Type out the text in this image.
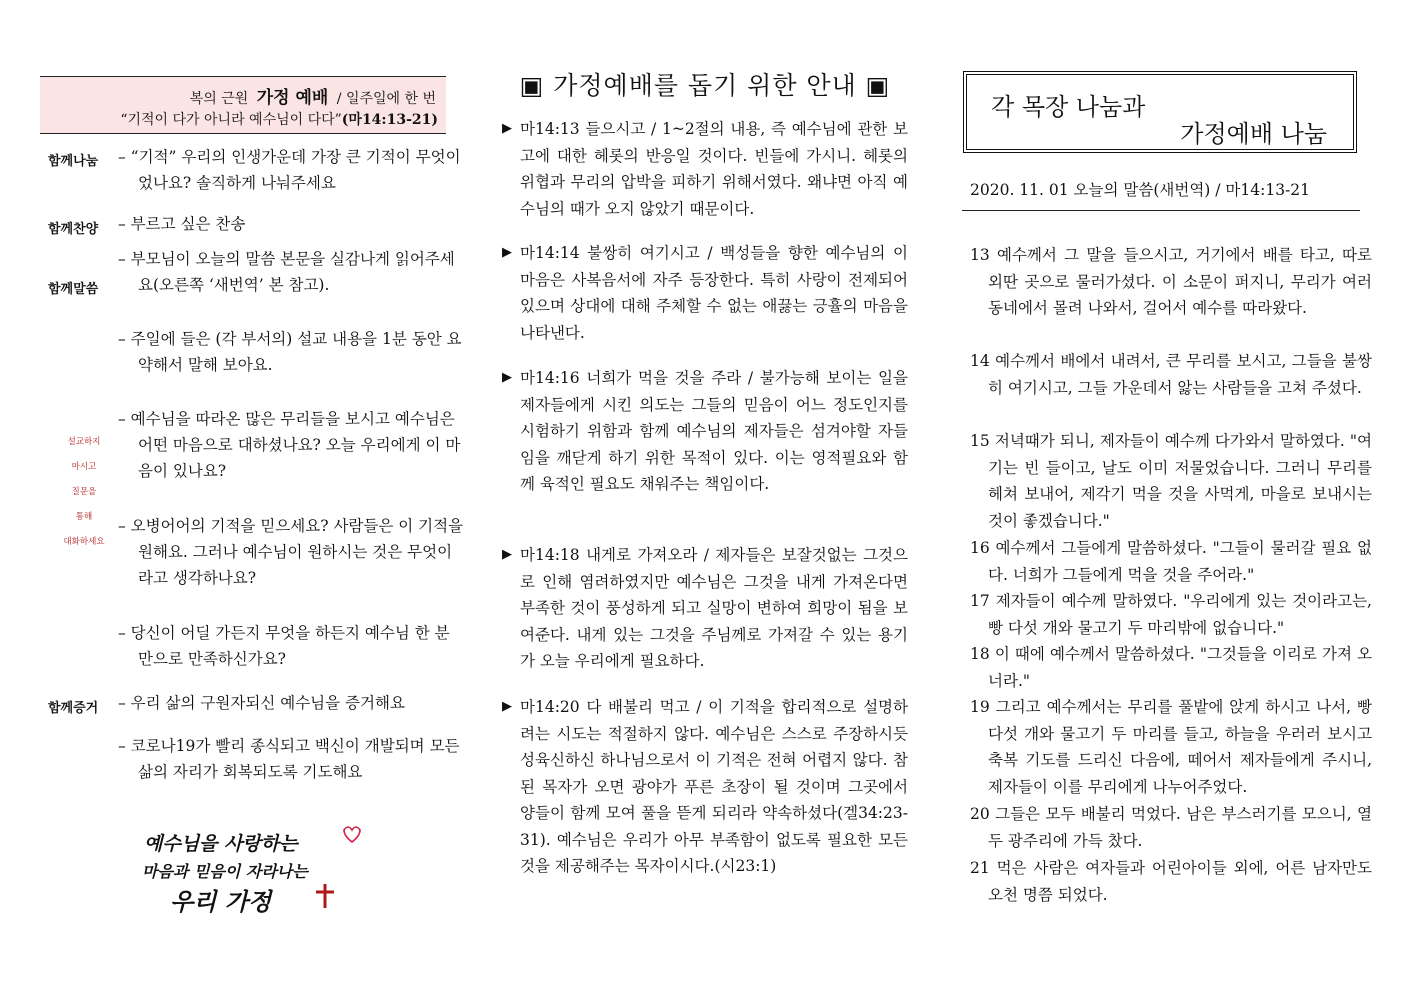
복의 근원 가정 예배 / 일주일에 한 번
“기적이 다가 아니라 예수님이 다다”(마14:13-21)
함께나눔 – “기적” 우리의 인생가운데 가장 큰 기적이 무엇이었나요? 솔직하게 나눠주세요
함께찬양 – 부르고 싶은 찬송
함께말씀
– 부모님이 오늘의 말씀 본문을 실감나게 읽어주세요(오른쪽 ‘새번역’ 본 참고).
– 주일에 들은 (각 부서의) 설교 내용을 1분 동안 요약해서 말해 보아요.
설교하지
마시고
질문을
통해
대화하세요
– 예수님을 따라온 많은 무리들을 보시고 예수님은 어떤 마음으로 대하셨나요? 오늘 우리에게 이 마음이 있나요?
– 오병어어의 기적을 믿으세요? 사람들은 이 기적을 원해요. 그러나 예수님이 원하시는 것은 무엇이라고 생각하나요?
– 당신이 어딜 가든지 무엇을 하든지 예수님 한 분만으로 만족하신가요?
함께증거 – 우리 삶의 구원자되신 예수님을 증거해요
– 코로나19가 빨리 종식되고 백신이 개발되며 모든 삶의 자리가 회복되도록 기도해요
예수님을 사랑하는
마음과 믿음이 자라나는
우리 가정
▣ 가정예배를 돕기 위한 안내 ▣
▶ 마14:13 들으시고 / 1~2절의 내용, 즉 예수님에 관한 보고에 대한 헤롯의 반응일 것이다. 빈들에 가시니. 헤롯의 위협과 무리의 압박을 피하기 위해서였다. 왜냐면 아직 예수님의 때가 오지 않았기 때문이다.
▶ 마14:14 불쌍히 여기시고 / 백성들을 향한 예수님의 이 마음은 사복음서에 자주 등장한다. 특히 사랑이 전제되어 있으며 상대에 대해 주체할 수 없는 애끓는 긍휼의 마음을 나타낸다.
▶ 마14:16 너희가 먹을 것을 주라 / 불가능해 보이는 일을 제자들에게 시킨 의도는 그들의 믿음이 어느 정도인지를 시험하기 위함과 함께 예수님의 제자들은 섬겨야할 자들임을 깨닫게 하기 위한 목적이 있다. 이는 영적필요와 함께 육적인 필요도 채워주는 책임이다.
▶ 마14:18 내게로 가져오라 / 제자들은 보잘것없는 그것으로 인해 염려하였지만 예수님은 그것을 내게 가져온다면 부족한 것이 풍성하게 되고 실망이 변하여 희망이 됨을 보여준다. 내게 있는 그것을 주님께로 가져갈 수 있는 용기가 오늘 우리에게 필요하다.
▶ 마14:20 다 배불리 먹고 / 이 기적을 합리적으로 설명하려는 시도는 적절하지 않다. 예수님은 스스로 주장하시듯 성육신하신 하나님으로서 이 기적은 전혀 어렵지 않다. 참된 목자가 오면 광야가 푸른 초장이 될 것이며 그곳에서 양들이 함께 모여 풀을 뜯게 되리라 약속하셨다(겔34:23-31). 예수님은 우리가 아무 부족함이 없도록 필요한 모든 것을 제공해주는 목자이시다.(시23:1)
각 목장 나눔과
가정예배 나눔
2020. 11. 01 오늘의 말씀(새번역) / 마14:13-21
13 예수께서 그 말을 들으시고, 거기에서 배를 타고, 따로 외딴 곳으로 물러가셨다. 이 소문이 퍼지니, 무리가 여러 동네에서 몰려 나와서, 걸어서 예수를 따라왔다.
14 예수께서 배에서 내려서, 큰 무리를 보시고, 그들을 불쌍히 여기시고, 그들 가운데서 앓는 사람들을 고쳐 주셨다.
15 저녁때가 되니, 제자들이 예수께 다가와서 말하였다. "여기는 빈 들이고, 날도 이미 저물었습니다. 그러니 무리를 헤쳐 보내어, 제각기 먹을 것을 사먹게, 마을로 보내시는 것이 좋겠습니다."
16 예수께서 그들에게 말씀하셨다. "그들이 물러갈 필요 없다. 너희가 그들에게 먹을 것을 주어라."
17 제자들이 예수께 말하였다. "우리에게 있는 것이라고는, 빵 다섯 개와 물고기 두 마리밖에 없습니다."
18 이 때에 예수께서 말씀하셨다. "그것들을 이리로 가져 오너라."
19 그리고 예수께서는 무리를 풀밭에 앉게 하시고 나서, 빵 다섯 개와 물고기 두 마리를 들고, 하늘을 우러러 보시고 축복 기도를 드리신 다음에, 떼어서 제자들에게 주시니, 제자들이 이를 무리에게 나누어주었다.
20 그들은 모두 배불리 먹었다. 남은 부스러기를 모으니, 열두 광주리에 가득 찼다.
21 먹은 사람은 여자들과 어린아이들 외에, 어른 남자만도 오천 명쯤 되었다.
